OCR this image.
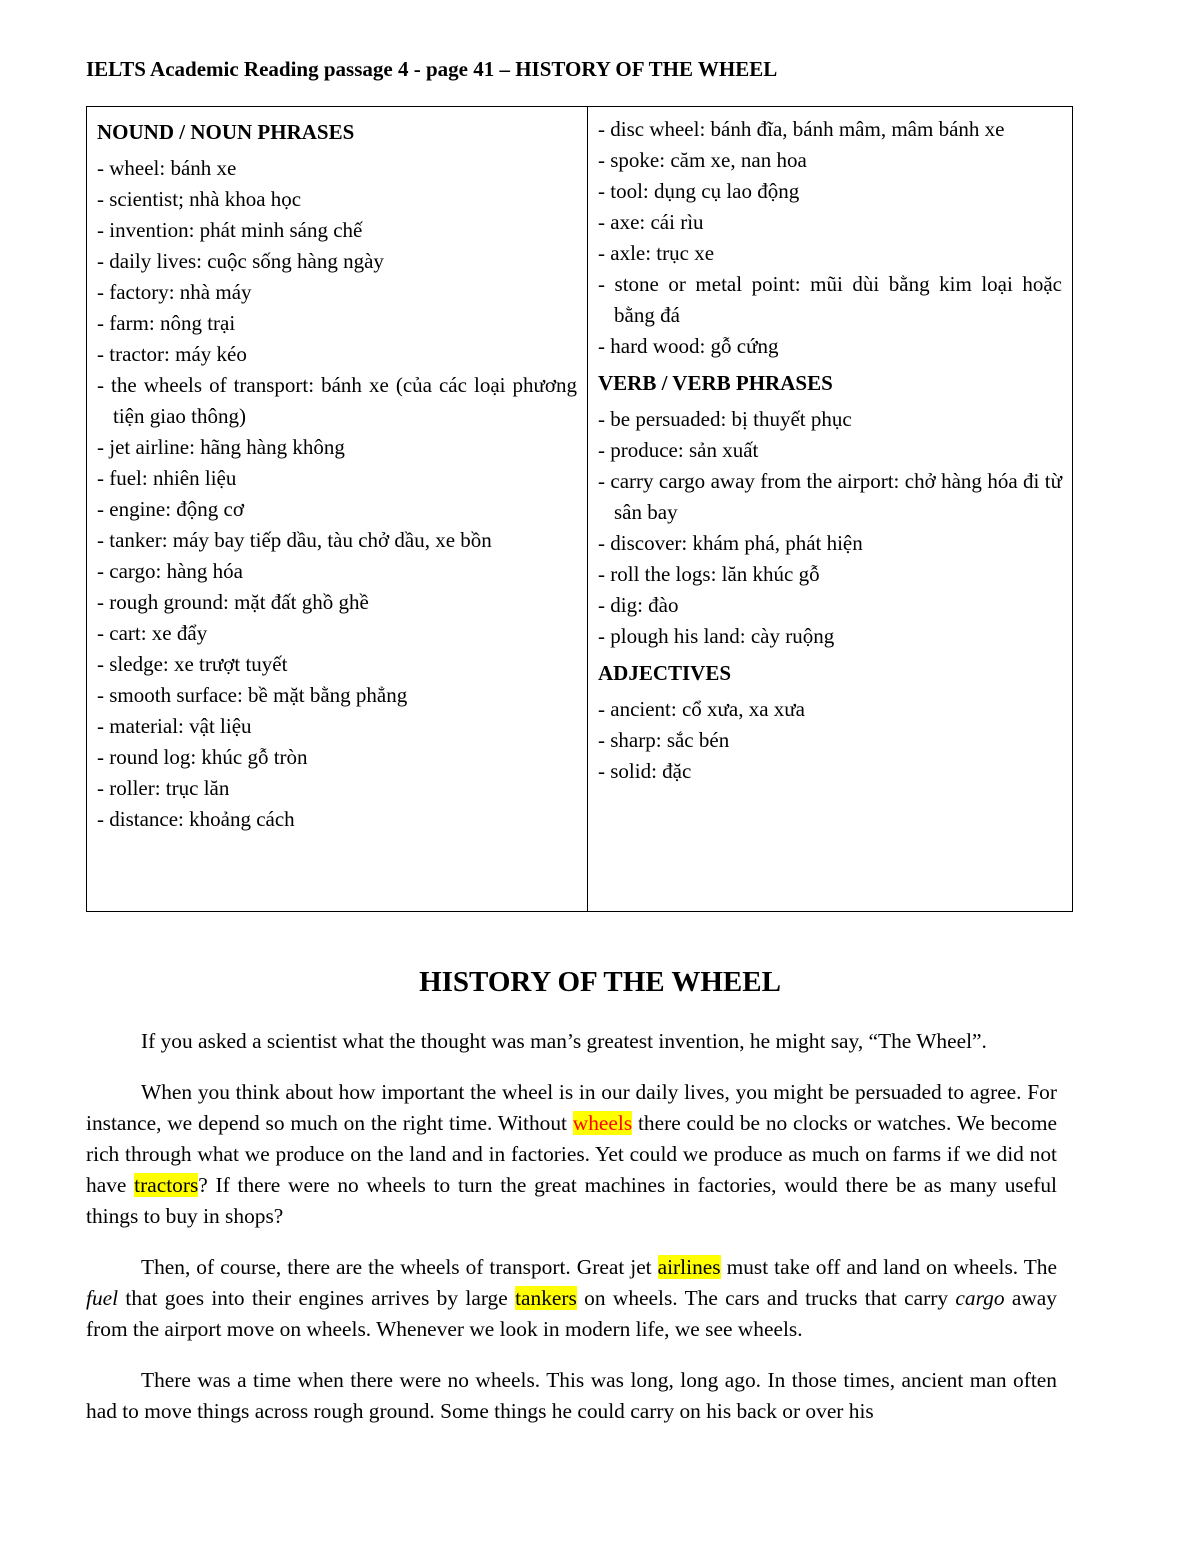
IELTS Academic Reading passage 4 - page 41 – HISTORY OF THE WHEEL
NOUND / NOUN PHRASES
- wheel: bánh xe
- scientist; nhà khoa học
- invention: phát minh sáng chế
- daily lives: cuộc sống hàng ngày
- factory: nhà máy
- farm: nông trại
- tractor: máy kéo
- the wheels of transport: bánh xe (của các loại phương tiện giao thông)
- jet airline: hãng hàng không
- fuel: nhiên liệu
- engine: động cơ
- tanker: máy bay tiếp dầu, tàu chở dầu, xe bồn
- cargo: hàng hóa
- rough ground: mặt đất ghồ ghề
- cart: xe đẩy
- sledge: xe trượt tuyết
- smooth surface: bề mặt bằng phẳng
- material: vật liệu
- round log: khúc gỗ tròn
- roller: trục lăn
- distance: khoảng cách

- disc wheel: bánh đĩa, bánh mâm, mâm bánh xe
- spoke: căm xe, nan hoa
- tool: dụng cụ lao động
- axe: cái rìu
- axle: trục xe
- stone or metal point: mũi dùi bằng kim loại hoặc bằng đá
- hard wood: gỗ cứng
VERB / VERB PHRASES
- be persuaded: bị thuyết phục
- produce: sản xuất
- carry cargo away from the airport: chở hàng hóa đi từ sân bay
- discover: khám phá, phát hiện
- roll the logs: lăn khúc gỗ
- dig: đào
- plough his land: cày ruộng
ADJECTIVES
- ancient: cổ xưa, xa xưa
- sharp: sắc bén
- solid: đặc
HISTORY OF THE WHEEL

If you asked a scientist what the thought was man’s greatest invention, he might say, “The Wheel”.

When you think about how important the wheel is in our daily lives, you might be persuaded to agree. For instance, we depend so much on the right time. Without wheels there could be no clocks or watches. We become rich through what we produce on the land and in factories. Yet could we produce as much on farms if we did not have tractors? If there were no wheels to turn the great machines in factories, would there be as many useful things to buy in shops?

Then, of course, there are the wheels of transport. Great jet airlines must take off and land on wheels. The fuel that goes into their engines arrives by large tankers on wheels. The cars and trucks that carry cargo away from the airport move on wheels. Whenever we look in modern life, we see wheels.

There was a time when there were no wheels. This was long, long ago. In those times, ancient man often had to move things across rough ground. Some things he could carry on his back or over his
